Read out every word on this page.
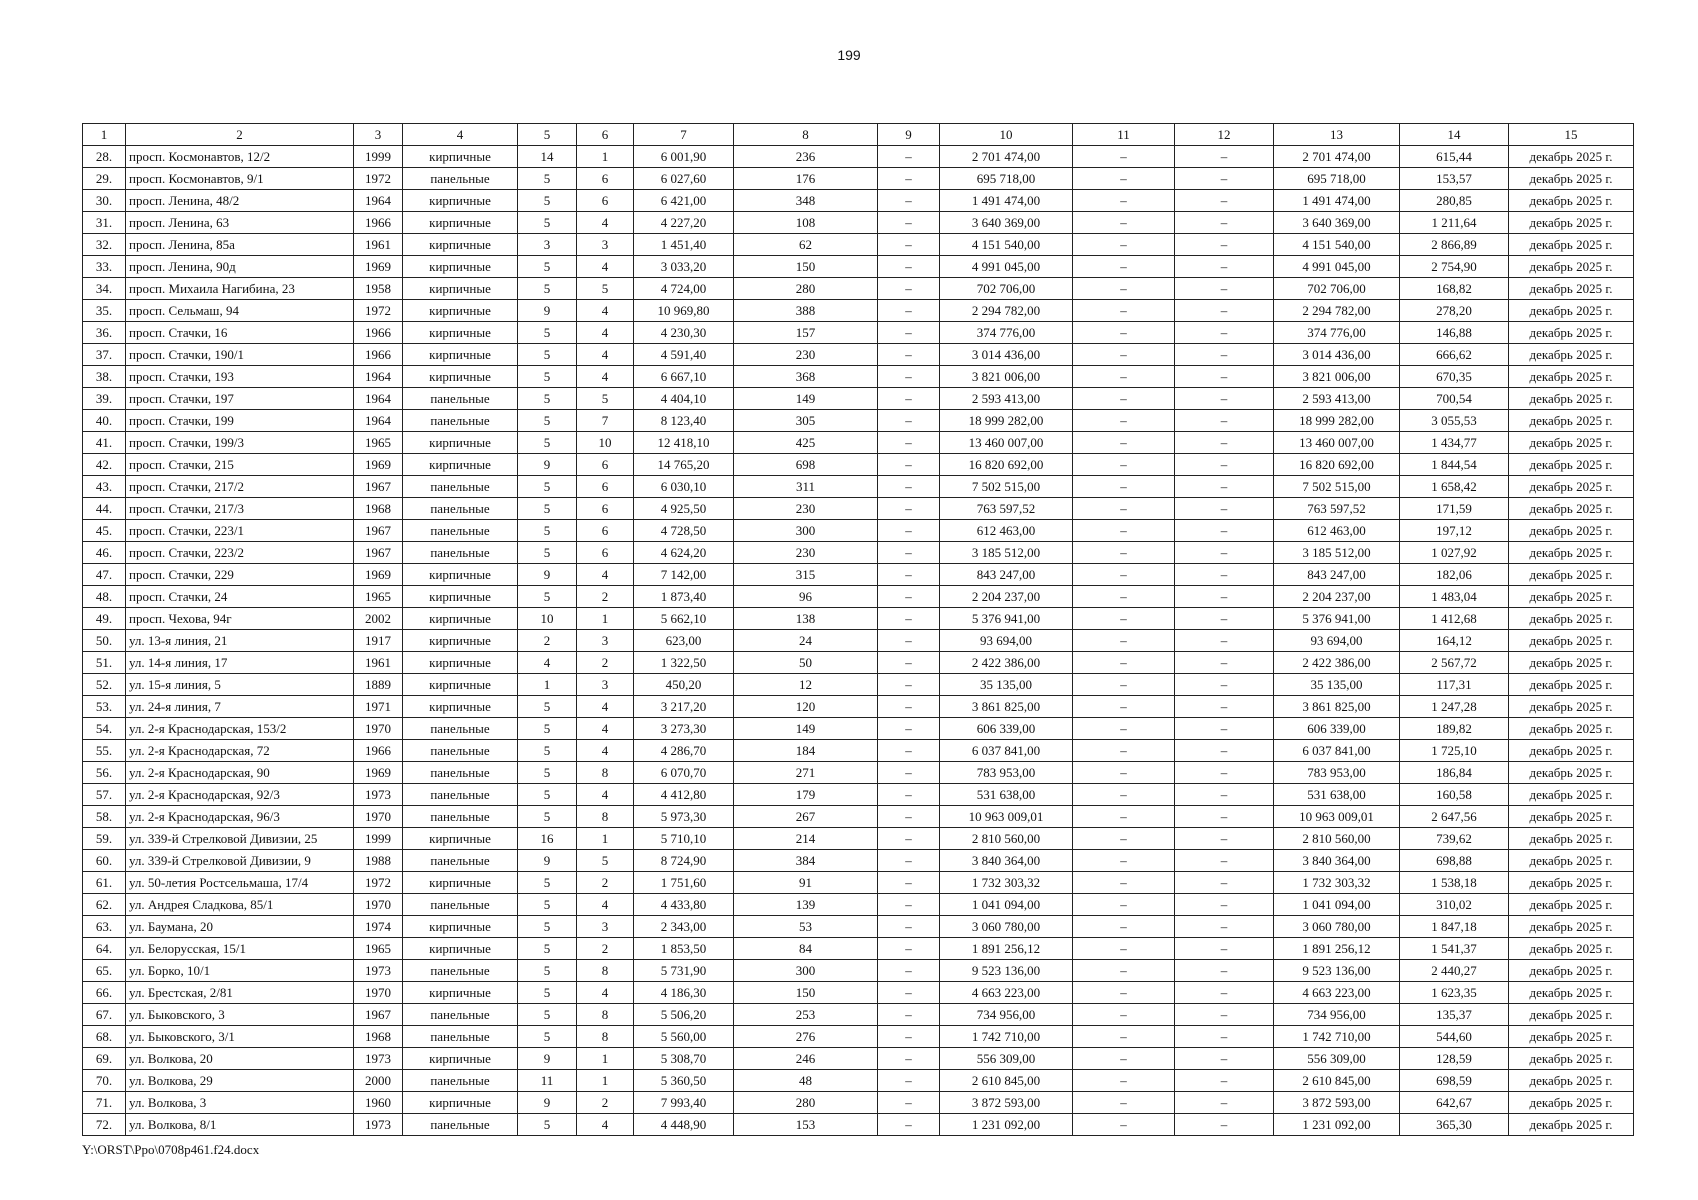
199
1	2	3	4	5	6	7	8	9	10	11	12	13	14	15
28.	просп. Космонавтов, 12/2	1999	кирпичные	14	1	6 001,90	236	–	2 701 474,00	–	–	2 701 474,00	615,44	декабрь 2025 г.
29.	просп. Космонавтов, 9/1	1972	панельные	5	6	6 027,60	176	–	695 718,00	–	–	695 718,00	153,57	декабрь 2025 г.
30.	просп. Ленина, 48/2	1964	кирпичные	5	6	6 421,00	348	–	1 491 474,00	–	–	1 491 474,00	280,85	декабрь 2025 г.
31.	просп. Ленина, 63	1966	кирпичные	5	4	4 227,20	108	–	3 640 369,00	–	–	3 640 369,00	1 211,64	декабрь 2025 г.
32.	просп. Ленина, 85а	1961	кирпичные	3	3	1 451,40	62	–	4 151 540,00	–	–	4 151 540,00	2 866,89	декабрь 2025 г.
33.	просп. Ленина, 90д	1969	кирпичные	5	4	3 033,20	150	–	4 991 045,00	–	–	4 991 045,00	2 754,90	декабрь 2025 г.
34.	просп. Михаила Нагибина, 23	1958	кирпичные	5	5	4 724,00	280	–	702 706,00	–	–	702 706,00	168,82	декабрь 2025 г.
35.	просп. Сельмаш, 94	1972	кирпичные	9	4	10 969,80	388	–	2 294 782,00	–	–	2 294 782,00	278,20	декабрь 2025 г.
36.	просп. Стачки, 16	1966	кирпичные	5	4	4 230,30	157	–	374 776,00	–	–	374 776,00	146,88	декабрь 2025 г.
37.	просп. Стачки, 190/1	1966	кирпичные	5	4	4 591,40	230	–	3 014 436,00	–	–	3 014 436,00	666,62	декабрь 2025 г.
38.	просп. Стачки, 193	1964	кирпичные	5	4	6 667,10	368	–	3 821 006,00	–	–	3 821 006,00	670,35	декабрь 2025 г.
39.	просп. Стачки, 197	1964	панельные	5	5	4 404,10	149	–	2 593 413,00	–	–	2 593 413,00	700,54	декабрь 2025 г.
40.	просп. Стачки, 199	1964	панельные	5	7	8 123,40	305	–	18 999 282,00	–	–	18 999 282,00	3 055,53	декабрь 2025 г.
41.	просп. Стачки, 199/3	1965	кирпичные	5	10	12 418,10	425	–	13 460 007,00	–	–	13 460 007,00	1 434,77	декабрь 2025 г.
42.	просп. Стачки, 215	1969	кирпичные	9	6	14 765,20	698	–	16 820 692,00	–	–	16 820 692,00	1 844,54	декабрь 2025 г.
43.	просп. Стачки, 217/2	1967	панельные	5	6	6 030,10	311	–	7 502 515,00	–	–	7 502 515,00	1 658,42	декабрь 2025 г.
44.	просп. Стачки, 217/3	1968	панельные	5	6	4 925,50	230	–	763 597,52	–	–	763 597,52	171,59	декабрь 2025 г.
45.	просп. Стачки, 223/1	1967	панельные	5	6	4 728,50	300	–	612 463,00	–	–	612 463,00	197,12	декабрь 2025 г.
46.	просп. Стачки, 223/2	1967	панельные	5	6	4 624,20	230	–	3 185 512,00	–	–	3 185 512,00	1 027,92	декабрь 2025 г.
47.	просп. Стачки, 229	1969	кирпичные	9	4	7 142,00	315	–	843 247,00	–	–	843 247,00	182,06	декабрь 2025 г.
48.	просп. Стачки, 24	1965	кирпичные	5	2	1 873,40	96	–	2 204 237,00	–	–	2 204 237,00	1 483,04	декабрь 2025 г.
49.	просп. Чехова, 94г	2002	кирпичные	10	1	5 662,10	138	–	5 376 941,00	–	–	5 376 941,00	1 412,68	декабрь 2025 г.
50.	ул. 13-я линия, 21	1917	кирпичные	2	3	623,00	24	–	93 694,00	–	–	93 694,00	164,12	декабрь 2025 г.
51.	ул. 14-я линия, 17	1961	кирпичные	4	2	1 322,50	50	–	2 422 386,00	–	–	2 422 386,00	2 567,72	декабрь 2025 г.
52.	ул. 15-я линия, 5	1889	кирпичные	1	3	450,20	12	–	35 135,00	–	–	35 135,00	117,31	декабрь 2025 г.
53.	ул. 24-я линия, 7	1971	кирпичные	5	4	3 217,20	120	–	3 861 825,00	–	–	3 861 825,00	1 247,28	декабрь 2025 г.
54.	ул. 2-я Краснодарская, 153/2	1970	панельные	5	4	3 273,30	149	–	606 339,00	–	–	606 339,00	189,82	декабрь 2025 г.
55.	ул. 2-я Краснодарская, 72	1966	панельные	5	4	4 286,70	184	–	6 037 841,00	–	–	6 037 841,00	1 725,10	декабрь 2025 г.
56.	ул. 2-я Краснодарская, 90	1969	панельные	5	8	6 070,70	271	–	783 953,00	–	–	783 953,00	186,84	декабрь 2025 г.
57.	ул. 2-я Краснодарская, 92/3	1973	панельные	5	4	4 412,80	179	–	531 638,00	–	–	531 638,00	160,58	декабрь 2025 г.
58.	ул. 2-я Краснодарская, 96/3	1970	панельные	5	8	5 973,30	267	–	10 963 009,01	–	–	10 963 009,01	2 647,56	декабрь 2025 г.
59.	ул. 339-й Стрелковой Дивизии, 25	1999	кирпичные	16	1	5 710,10	214	–	2 810 560,00	–	–	2 810 560,00	739,62	декабрь 2025 г.
60.	ул. 339-й Стрелковой Дивизии, 9	1988	панельные	9	5	8 724,90	384	–	3 840 364,00	–	–	3 840 364,00	698,88	декабрь 2025 г.
61.	ул. 50-летия Ростсельмаша, 17/4	1972	кирпичные	5	2	1 751,60	91	–	1 732 303,32	–	–	1 732 303,32	1 538,18	декабрь 2025 г.
62.	ул. Андрея Сладкова, 85/1	1970	панельные	5	4	4 433,80	139	–	1 041 094,00	–	–	1 041 094,00	310,02	декабрь 2025 г.
63.	ул. Баумана, 20	1974	кирпичные	5	3	2 343,00	53	–	3 060 780,00	–	–	3 060 780,00	1 847,18	декабрь 2025 г.
64.	ул. Белорусская, 15/1	1965	кирпичные	5	2	1 853,50	84	–	1 891 256,12	–	–	1 891 256,12	1 541,37	декабрь 2025 г.
65.	ул. Борко, 10/1	1973	панельные	5	8	5 731,90	300	–	9 523 136,00	–	–	9 523 136,00	2 440,27	декабрь 2025 г.
66.	ул. Брестская, 2/81	1970	кирпичные	5	4	4 186,30	150	–	4 663 223,00	–	–	4 663 223,00	1 623,35	декабрь 2025 г.
67.	ул. Быковского, 3	1967	панельные	5	8	5 506,20	253	–	734 956,00	–	–	734 956,00	135,37	декабрь 2025 г.
68.	ул. Быковского, 3/1	1968	панельные	5	8	5 560,00	276	–	1 742 710,00	–	–	1 742 710,00	544,60	декабрь 2025 г.
69.	ул. Волкова, 20	1973	кирпичные	9	1	5 308,70	246	–	556 309,00	–	–	556 309,00	128,59	декабрь 2025 г.
70.	ул. Волкова, 29	2000	панельные	11	1	5 360,50	48	–	2 610 845,00	–	–	2 610 845,00	698,59	декабрь 2025 г.
71.	ул. Волкова, 3	1960	кирпичные	9	2	7 993,40	280	–	3 872 593,00	–	–	3 872 593,00	642,67	декабрь 2025 г.
72.	ул. Волкова, 8/1	1973	панельные	5	4	4 448,90	153	–	1 231 092,00	–	–	1 231 092,00	365,30	декабрь 2025 г.
Y:\ORST\Ppo\0708p461.f24.docx
